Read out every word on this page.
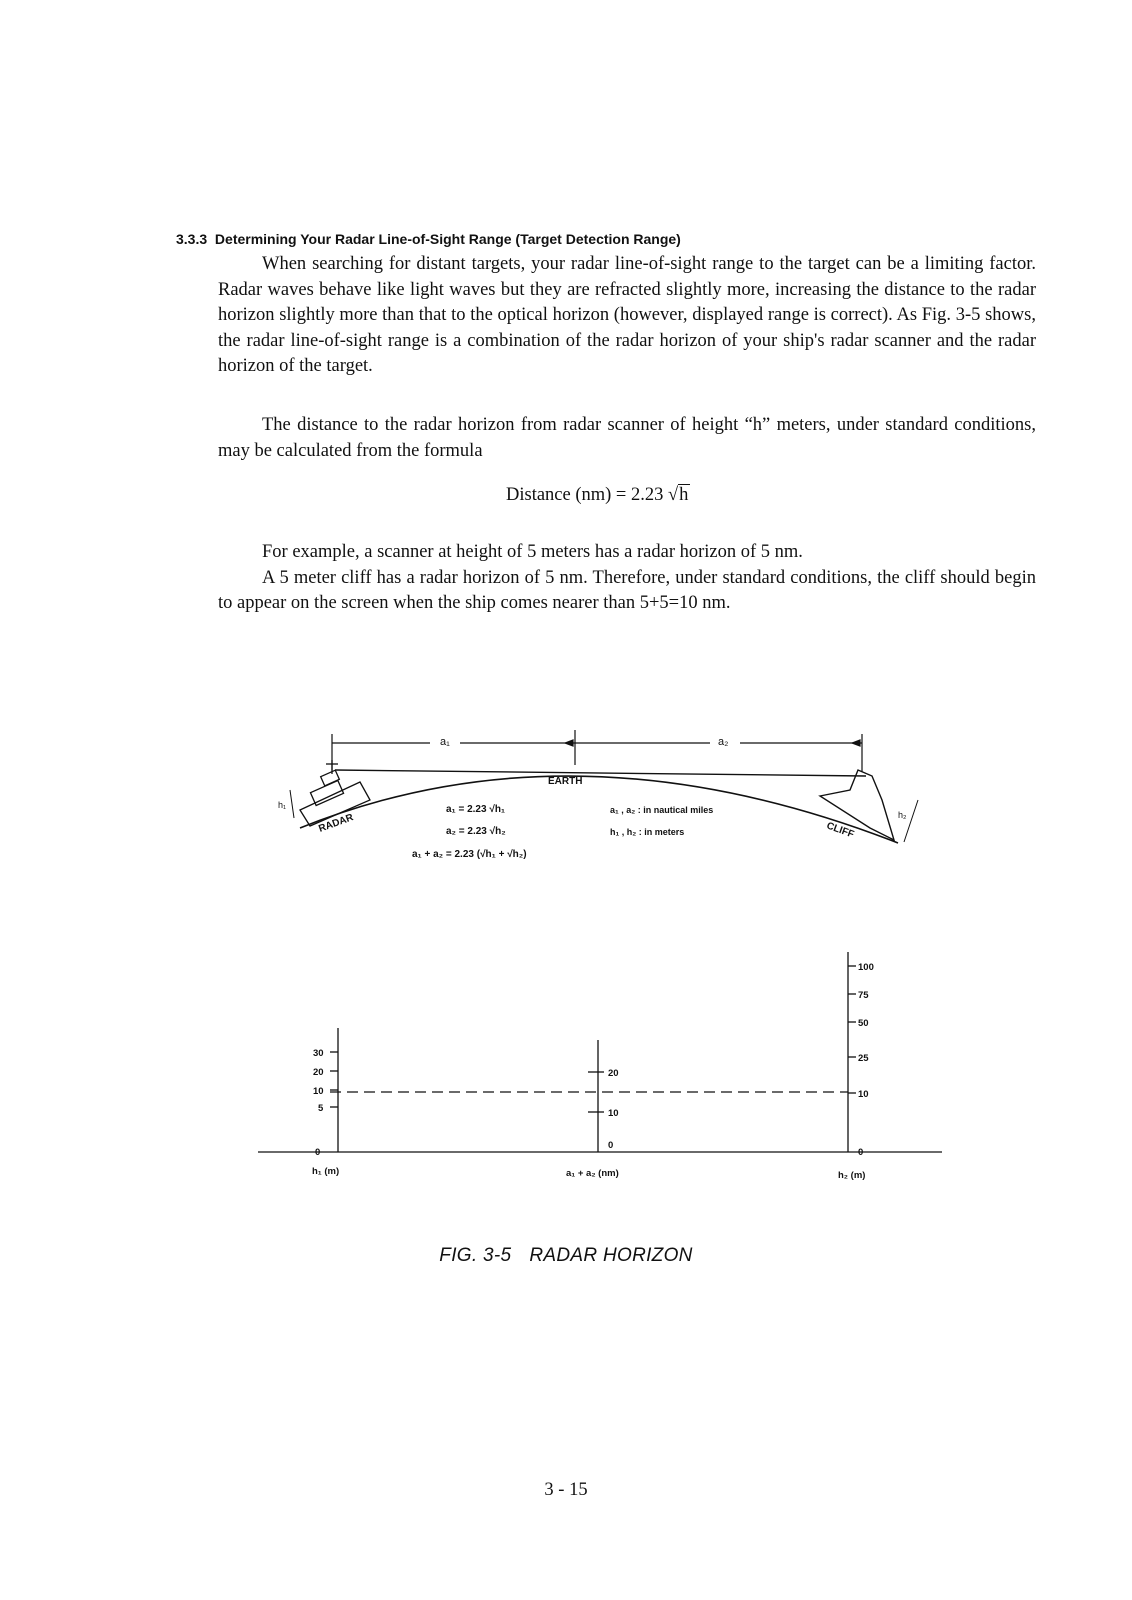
3.3.3 Determining Your Radar Line-of-Sight Range (Target Detection Range)

When searching for distant targets, your radar line-of-sight range to the target can be a limiting factor. Radar waves behave like light waves but they are refracted slightly more, increasing the distance to the radar horizon slightly more than that to the optical horizon (however, displayed range is correct). As Fig. 3-5 shows, the radar line-of-sight range is a combination of the radar horizon of your ship's radar scanner and the radar horizon of the target.

The distance to the radar horizon from radar scanner of height “h” meters, under standard conditions, may be calculated from the formula

Distance (nm) = 2.23 √h

For example, a scanner at height of 5 meters has a radar horizon of 5 nm.

A 5 meter cliff has a radar horizon of 5 nm. Therefore, under standard conditions, the cliff should begin to appear on the screen when the ship comes nearer than 5+5=10 nm.

a₁	a₂
EARTH
RADAR	CLIFF
h₁
h₂
a₁ = 2.23 √h₁
a₂ = 2.23 √h₂
a₁ + a₂ = 2.23 (√h₁ + √h₂)
a₁ , a₂ : in nautical miles
h₁ , h₂ : in meters
30
20
10
5
0
20
10
0
100
75
50
25
10
0
h₁ (m)	a₁ + a₂ (nm)	h₂ (m)
FIG. 3-5 RADAR HORIZON
3 - 15
